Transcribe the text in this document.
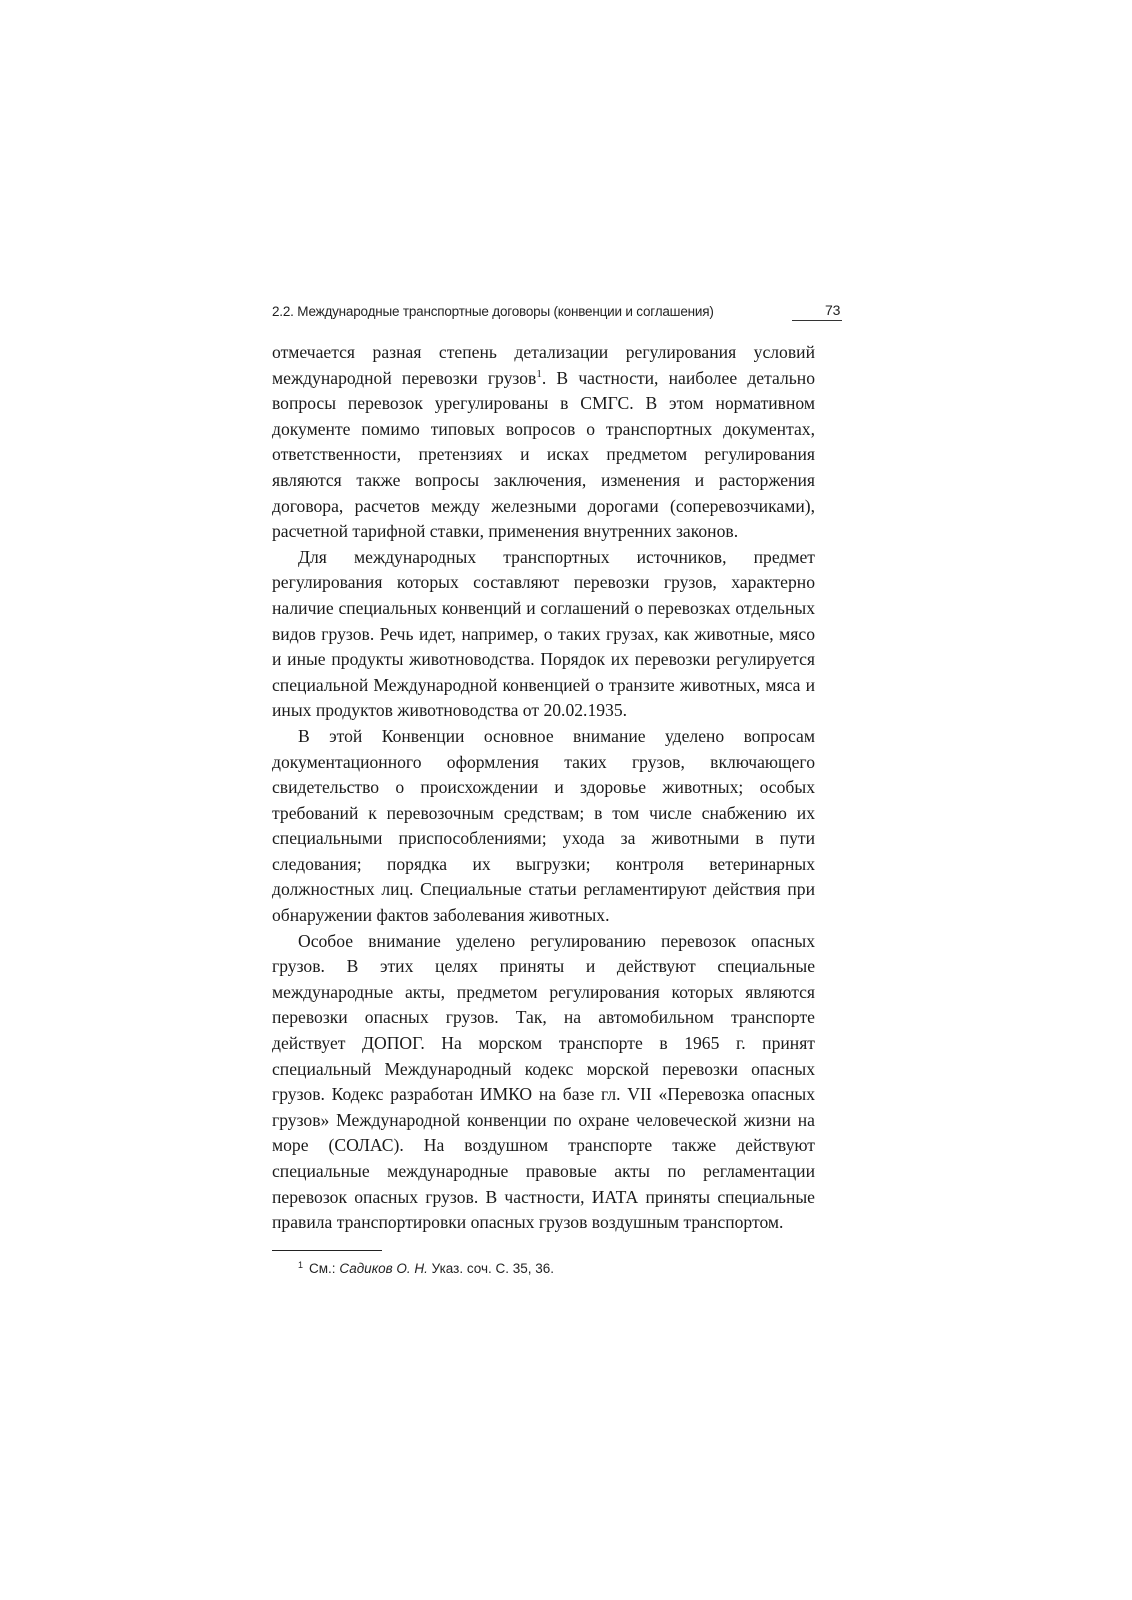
2.2. Международные транспортные договоры (конвенции и соглашения)	73

отмечается разная степень детализации регулирования условий международной перевозки грузов$^1$. В частности, наиболее детально вопросы перевозок урегулированы в СМГС. В этом нормативном документе помимо типовых вопросов о транспортных документах, ответственности, претензиях и исках предметом регулирования являются также вопросы заключения, изменения и расторжения договора, расчетов между железными дорогами (соперевозчиками), расчетной тарифной ставки, применения внутренних законов.

Для международных транспортных источников, предмет регулирования которых составляют перевозки грузов, характерно наличие специальных конвенций и соглашений о перевозках отдельных видов грузов. Речь идет, например, о таких грузах, как животные, мясо и иные продукты животноводства. Порядок их перевозки регулируется специальной Международной конвенцией о транзите животных, мяса и иных продуктов животноводства от 20.02.1935.

В этой Конвенции основное внимание уделено вопросам документационного оформления таких грузов, включающего свидетельство о происхождении и здоровье животных; особых требований к перевозочным средствам; в том числе снабжению их специальными приспособлениями; ухода за животными в пути следования; порядка их выгрузки; контроля ветеринарных должностных лиц. Специальные статьи регламентируют действия при обнаружении фактов заболевания животных.

Особое внимание уделено регулированию перевозок опасных грузов. В этих целях приняты и действуют специальные международные акты, предметом регулирования которых являются перевозки опасных грузов. Так, на автомобильном транспорте действует ДОПОГ. На морском транспорте в 1965 г. принят специальный Международный кодекс морской перевозки опасных грузов. Кодекс разработан ИМКО на базе гл. VII «Перевозка опасных грузов» Международной конвенции по охране человеческой жизни на море (СОЛАС). На воздушном транспорте также действуют специальные международные правовые акты по регламентации перевозок опасных грузов. В частности, ИАТА приняты специальные правила транспортировки опасных грузов воздушным транспортом.

$^1$ См.: Садиков О. Н. Указ. соч. С. 35, 36.
